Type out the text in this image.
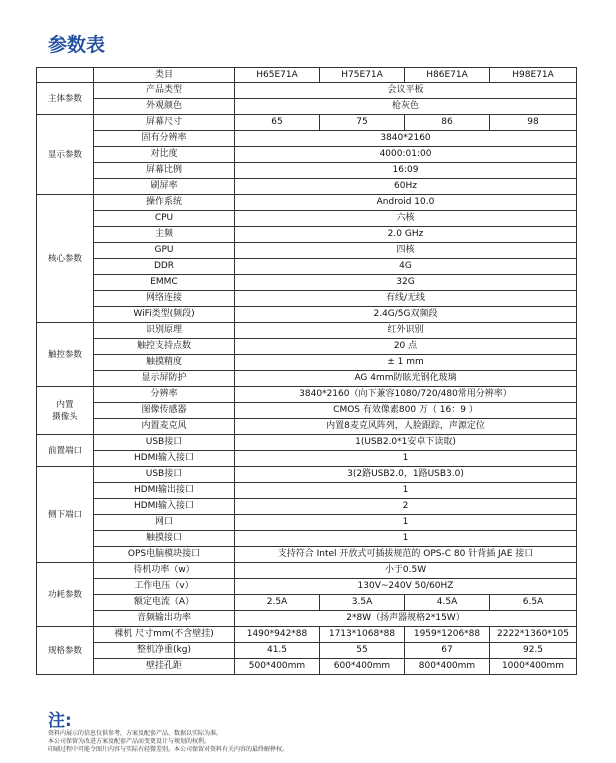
参数表
	类目	H65E71A	H75E71A	H86E71A	H98E71A
主体参数	产品类型	会议平板			
	外观颜色	枪灰色			
显示参数	屏幕尺寸	65	75	86	98
	固有分辨率	3840*2160			
	对比度	4000:01:00			
	屏幕比例	16:09			
	刷屏率	60Hz			
核心参数	操作系统	Android 10.0			
	CPU	六核			
	主频	2.0 GHz			
	GPU	四核			
	DDR	4G			
	EMMC	32G			
	网络连接	有线/无线			
	WiFi类型(频段)	2.4G/5G双频段			
触控参数	识别原理	红外识别			
	触控支持点数	20 点			
	触摸精度	± 1 mm			
	显示屏防护	AG 4mm防眩光钢化玻璃			
内置
摄像头	分辨率	3840*2160（向下兼容1080/720/480常用分辨率）			
	图像传感器	CMOS 有效像素800 万（ 16：9 ）			
	内置麦克风	内置8麦克风阵列，人脸跟踪，声源定位			
前置端口	USB接口	1(USB2.0*1安卓下读取)			
	HDMI输入接口	1			
侧下端口	USB接口	3(2路USB2.0，1路USB3.0)			
	HDMI输出接口	1			
	HDMI输入接口	2			
	网口	1			
	触摸接口	1			
	OPS电脑模块接口	支持符合 Intel 开放式可插拔规范的 OPS-C 80 针背插 JAE 接口			
功耗参数	待机功率（w）	小于0.5W			
	工作电压（v）	130V~240V 50/60HZ			
	额定电流（A）	2.5A	3.5A	4.5A	6.5A
	音频输出功率	2*8W（扬声器规格2*15W）			
规格参数	裸机 尺寸mm(不含壁挂)	1490*942*88	1713*1068*88	1959*1206*88	2222*1360*105
	整机净重(kg)	41.5	55	67	92.5
	壁挂孔距	500*400mm	600*400mm	800*400mm	1000*400mm
注:
资料内展示的信息仅供参考，方案及配套产品、数据以实际为准。
本公司保留为改进方案及配套产品而变更设计与规划的权利。
印刷过程中可能令图片内容与实际有轻微差别。本公司保留对资料有关内容的最终解释权。
